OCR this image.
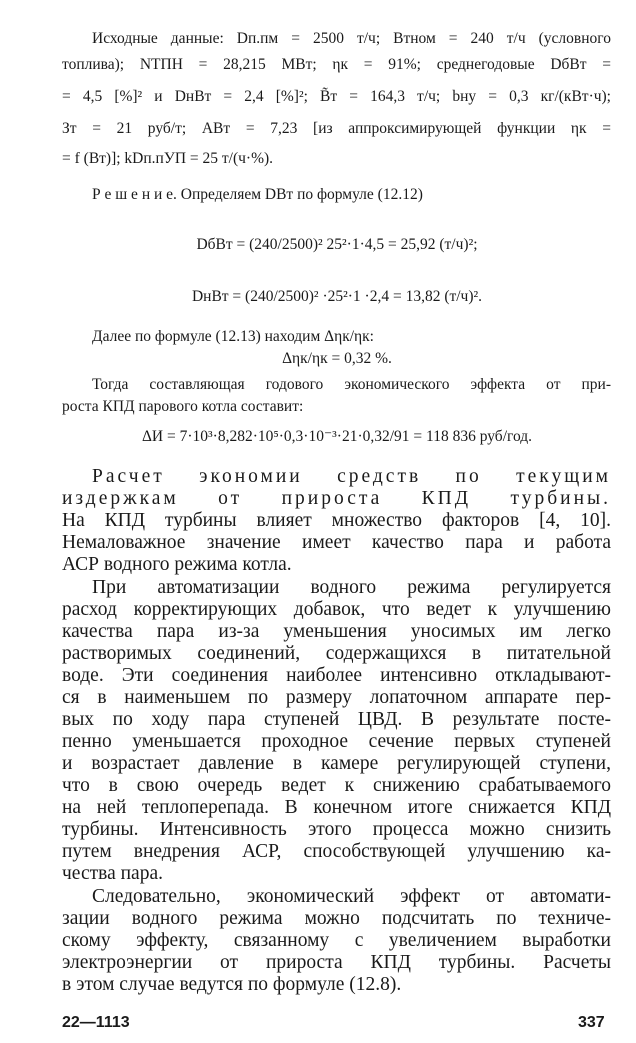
Исходные данные: Dп.пм = 2500 т/ч; Bтном = 240 т/ч (условного
топлива); NТПН = 28,215 МВт; ηк = 91%; среднегодовые DбBт =
= 4,5 [%]² и DнBт = 2,4 [%]²; B̃т = 164,3 т/ч; bну = 0,3 кг/(кВт·ч);
Зт = 21 руб/т; ABт = 7,23 [из аппроксимирующей функции ηк =
= f (Bт)]; kDп.пУП = 25 т/(ч·%).
Р е ш е н и е. Определяем DBт по формуле (12.12)
DбBт = (240/2500)² 25²·1·4,5 = 25,92 (т/ч)²;
DнBт = (240/2500)² ·25²·1 ·2,4 = 13,82 (т/ч)².
Далее по формуле (12.13) находим Δηк/ηк:
Δηк/ηк = 0,32 %.
Тогда составляющая годового экономического эффекта от при-
роста КПД парового котла составит:
ΔИ = 7·10³·8,282·10⁵·0,3·10⁻³·21·0,32/91 = 118 836 руб/год.
Расчет экономии средств по текущим
издержкам от прироста КПД турбины.
На КПД турбины влияет множество факторов [4, 10].
Немаловажное значение имеет качество пара и работа
АСР водного режима котла.
При автоматизации водного режима регулируется
расход корректирующих добавок, что ведет к улучшению
качества пара из-за уменьшения уносимых им легко
растворимых соединений, содержащихся в питательной
воде. Эти соединения наиболее интенсивно откладывают-
ся в наименьшем по размеру лопаточном аппарате пер-
вых по ходу пара ступеней ЦВД. В результате посте-
пенно уменьшается проходное сечение первых ступеней
и возрастает давление в камере регулирующей ступени,
что в свою очередь ведет к снижению срабатываемого
на ней теплоперепада. В конечном итоге снижается КПД
турбины. Интенсивность этого процесса можно снизить
путем внедрения АСР, способствующей улучшению ка-
чества пара.
Следовательно, экономический эффект от автомати-
зации водного режима можно подсчитать по техниче-
скому эффекту, связанному с увеличением выработки
электроэнергии от прироста КПД турбины. Расчеты
в этом случае ведутся по формуле (12.8).
22—1113	337
